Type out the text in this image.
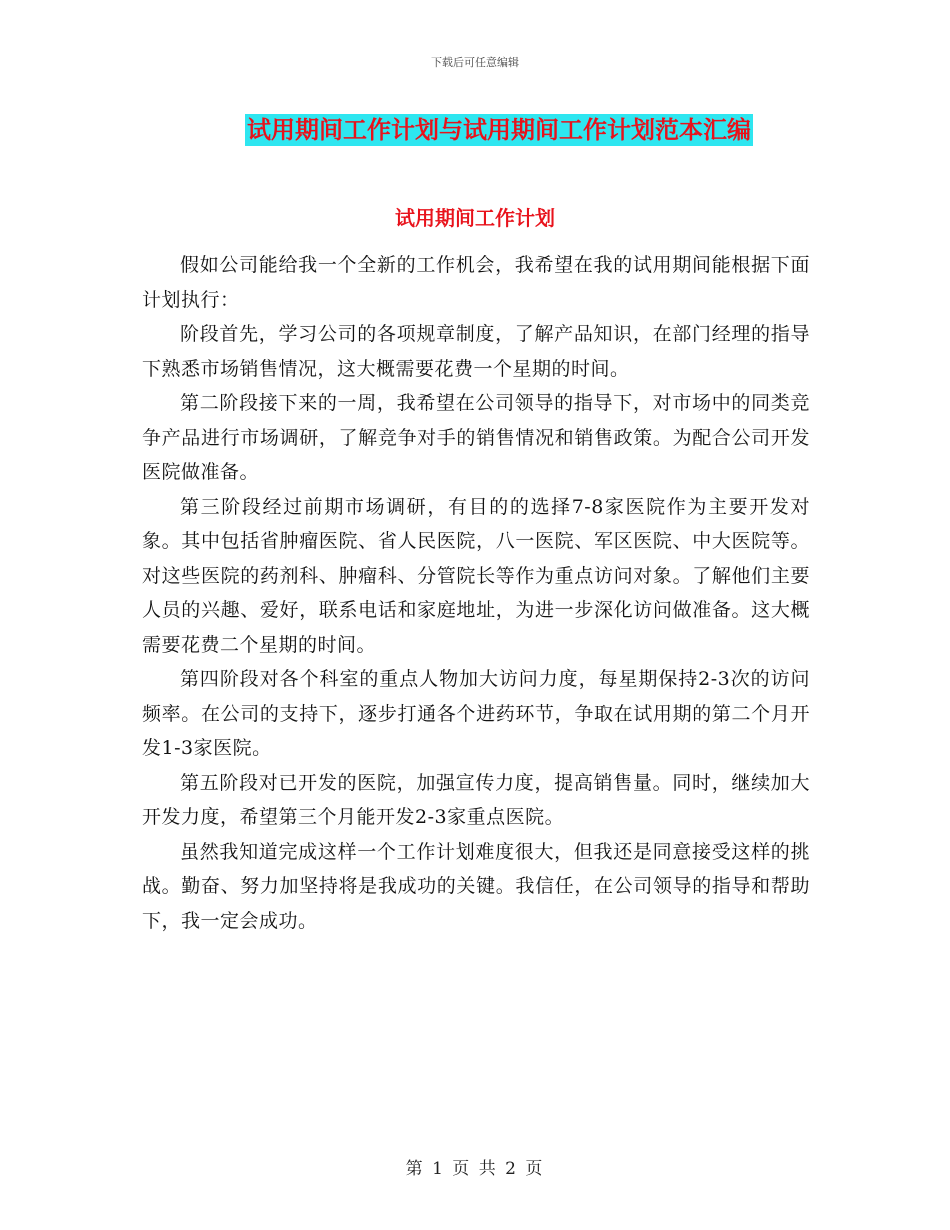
下载后可任意编辑
试用期间工作计划与试用期间工作计划范本汇编
试用期间工作计划

假如公司能给我一个全新的工作机会，我希望在我的试用期间能根据下面计划执行：

阶段首先，学习公司的各项规章制度，了解产品知识，在部门经理的指导下熟悉市场销售情况，这大概需要花费一个星期的时间。

第二阶段接下来的一周，我希望在公司领导的指导下，对市场中的同类竞争产品进行市场调研，了解竞争对手的销售情况和销售政策。为配合公司开发医院做准备。

第三阶段经过前期市场调研，有目的的选择7-8家医院作为主要开发对象。其中包括省肿瘤医院、省人民医院，八一医院、军区医院、中大医院等。对这些医院的药剂科、肿瘤科、分管院长等作为重点访问对象。了解他们主要人员的兴趣、爱好，联系电话和家庭地址，为进一步深化访问做准备。这大概需要花费二个星期的时间。

第四阶段对各个科室的重点人物加大访问力度，每星期保持2-3次的访问频率。在公司的支持下，逐步打通各个进药环节，争取在试用期的第二个月开发1-3家医院。

第五阶段对已开发的医院，加强宣传力度，提高销售量。同时，继续加大开发力度，希望第三个月能开发2-3家重点医院。

虽然我知道完成这样一个工作计划难度很大，但我还是同意接受这样的挑战。勤奋、努力加坚持将是我成功的关键。我信任，在公司领导的指导和帮助下，我一定会成功。

第 1 页 共 2 页
